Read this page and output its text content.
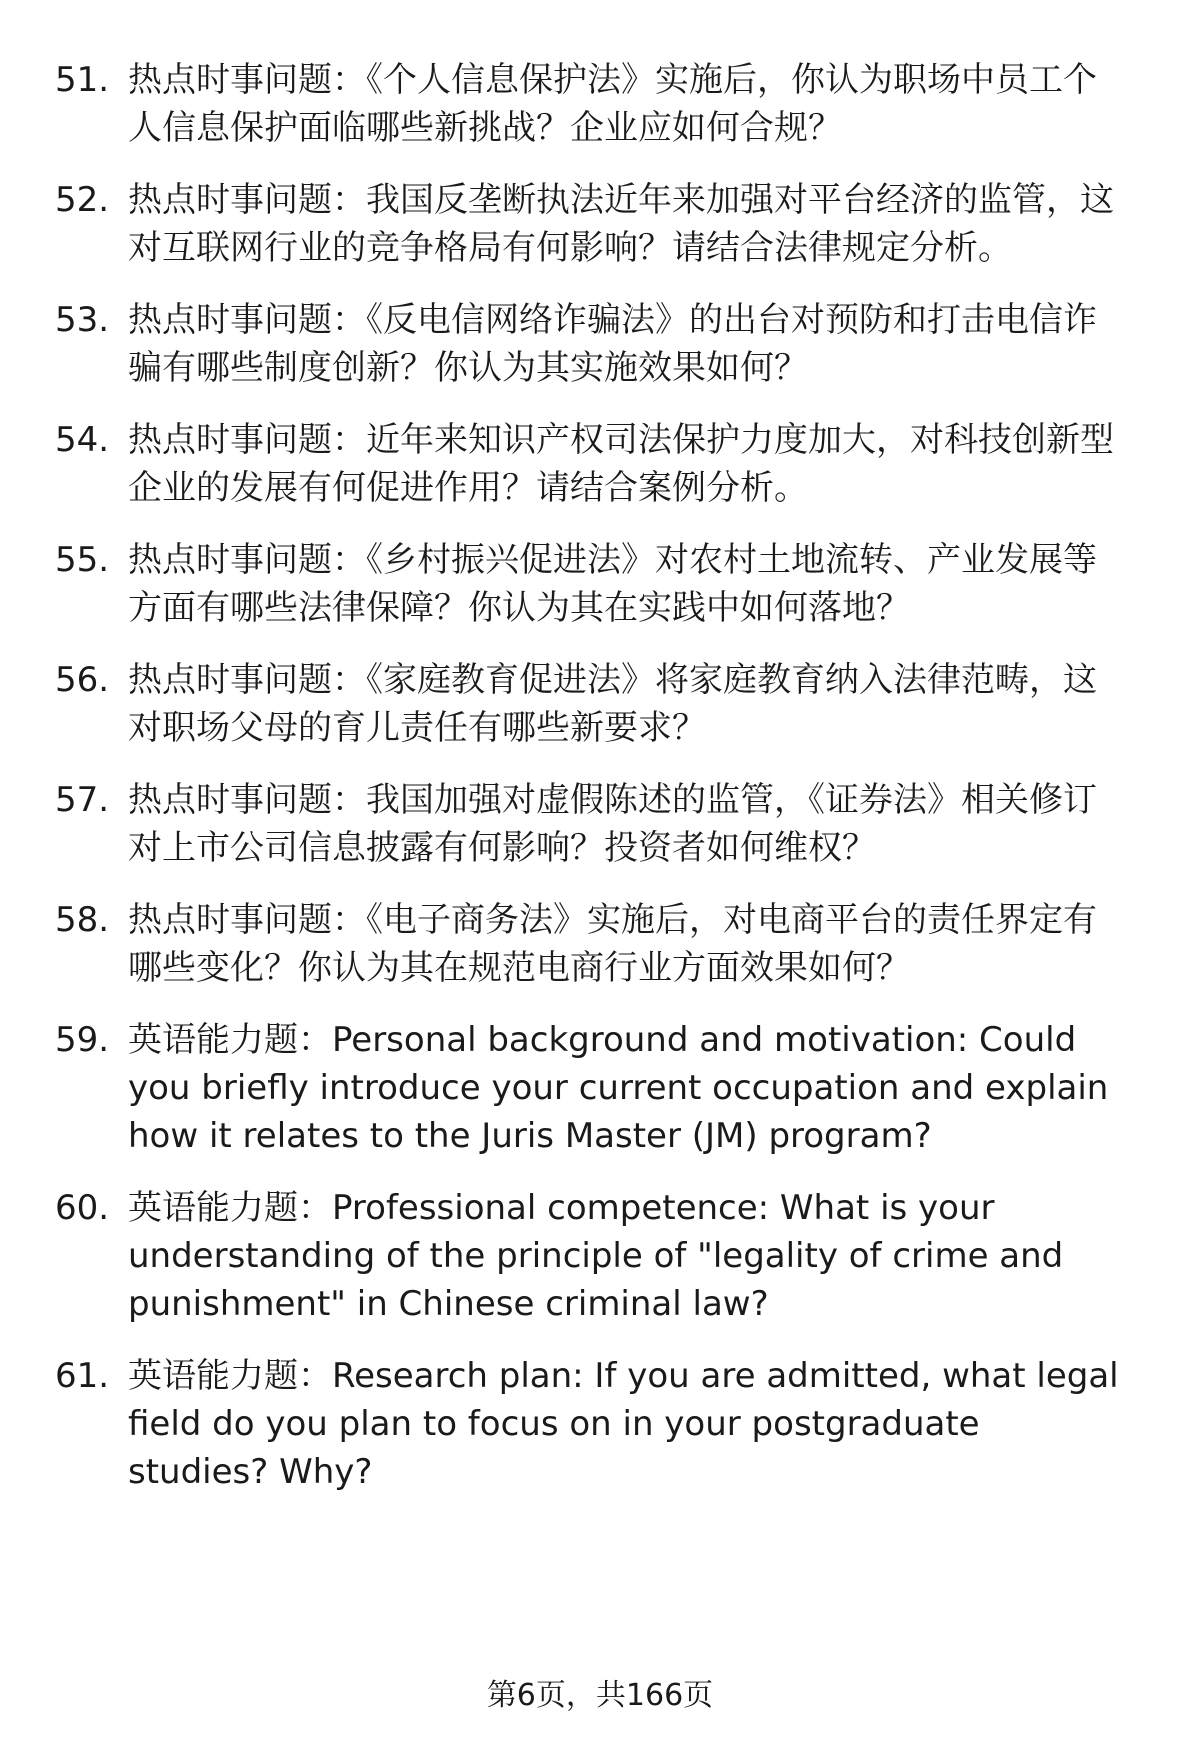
51. 热点时事问题：《个人信息保护法》实施后，你认为职场中员工个人信息保护面临哪些新挑战？企业应如何合规？
52. 热点时事问题：我国反垄断执法近年来加强对平台经济的监管，这对互联网行业的竞争格局有何影响？请结合法律规定分析。
53. 热点时事问题：《反电信网络诈骗法》的出台对预防和打击电信诈骗有哪些制度创新？你认为其实施效果如何？
54. 热点时事问题：近年来知识产权司法保护力度加大，对科技创新型企业的发展有何促进作用？请结合案例分析。
55. 热点时事问题：《乡村振兴促进法》对农村土地流转、产业发展等方面有哪些法律保障？你认为其在实践中如何落地？
56. 热点时事问题：《家庭教育促进法》将家庭教育纳入法律范畴，这对职场父母的育儿责任有哪些新要求？
57. 热点时事问题：我国加强对虚假陈述的监管，《证券法》相关修订对上市公司信息披露有何影响？投资者如何维权？
58. 热点时事问题：《电子商务法》实施后，对电商平台的责任界定有哪些变化？你认为其在规范电商行业方面效果如何？
59. 英语能力题：Personal background and motivation: Could you briefly introduce your current occupation and explain how it relates to the Juris Master (JM) program?
60. 英语能力题：Professional competence: What is your understanding of the principle of "legality of crime and punishment" in Chinese criminal law?
61. 英语能力题：Research plan: If you are admitted, what legal field do you plan to focus on in your postgraduate studies? Why?
第6页，共166页
